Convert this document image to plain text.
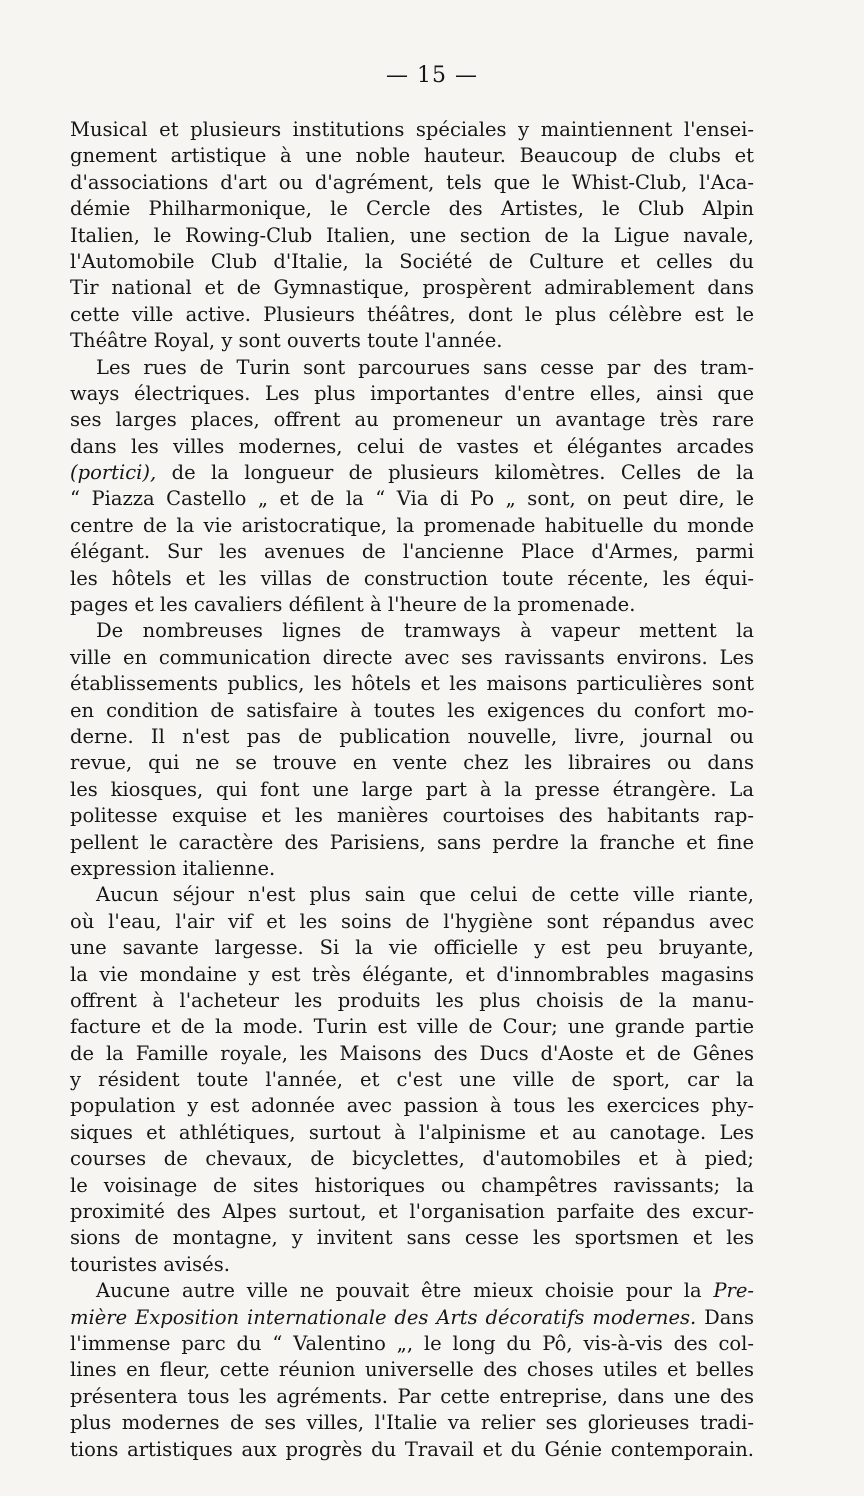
— 15 —
Musical et plusieurs institutions spéciales y maintiennent l'ensei-
gnement artistique à une noble hauteur. Beaucoup de clubs et
d'associations d'art ou d'agrément, tels que le Whist-Club, l'Aca-
démie Philharmonique, le Cercle des Artistes, le Club Alpin
Italien, le Rowing-Club Italien, une section de la Ligue navale,
l'Automobile Club d'Italie, la Société de Culture et celles du
Tir national et de Gymnastique, prospèrent admirablement dans
cette ville active. Plusieurs théâtres, dont le plus célèbre est le
Théâtre Royal, y sont ouverts toute l'année.
Les rues de Turin sont parcourues sans cesse par des tram-
ways électriques. Les plus importantes d'entre elles, ainsi que
ses larges places, offrent au promeneur un avantage très rare
dans les villes modernes, celui de vastes et élégantes arcades
(portici), de la longueur de plusieurs kilomètres. Celles de la
“ Piazza Castello „ et de la “ Via di Po „ sont, on peut dire, le
centre de la vie aristocratique, la promenade habituelle du monde
élégant. Sur les avenues de l'ancienne Place d'Armes, parmi
les hôtels et les villas de construction toute récente, les équi-
pages et les cavaliers défilent à l'heure de la promenade.
De nombreuses lignes de tramways à vapeur mettent la
ville en communication directe avec ses ravissants environs. Les
établissements publics, les hôtels et les maisons particulières sont
en condition de satisfaire à toutes les exigences du confort mo-
derne. Il n'est pas de publication nouvelle, livre, journal ou
revue, qui ne se trouve en vente chez les libraires ou dans
les kiosques, qui font une large part à la presse étrangère. La
politesse exquise et les manières courtoises des habitants rap-
pellent le caractère des Parisiens, sans perdre la franche et fine
expression italienne.
Aucun séjour n'est plus sain que celui de cette ville riante,
où l'eau, l'air vif et les soins de l'hygiène sont répandus avec
une savante largesse. Si la vie officielle y est peu bruyante,
la vie mondaine y est très élégante, et d'innombrables magasins
offrent à l'acheteur les produits les plus choisis de la manu-
facture et de la mode. Turin est ville de Cour; une grande partie
de la Famille royale, les Maisons des Ducs d'Aoste et de Gênes
y résident toute l'année, et c'est une ville de sport, car la
population y est adonnée avec passion à tous les exercices phy-
siques et athlétiques, surtout à l'alpinisme et au canotage. Les
courses de chevaux, de bicyclettes, d'automobiles et à pied;
le voisinage de sites historiques ou champêtres ravissants; la
proximité des Alpes surtout, et l'organisation parfaite des excur-
sions de montagne, y invitent sans cesse les sportsmen et les
touristes avisés.
Aucune autre ville ne pouvait être mieux choisie pour la Pre-
mière Exposition internationale des Arts décoratifs modernes. Dans
l'immense parc du “ Valentino „, le long du Pô, vis-à-vis des col-
lines en fleur, cette réunion universelle des choses utiles et belles
présentera tous les agréments. Par cette entreprise, dans une des
plus modernes de ses villes, l'Italie va relier ses glorieuses tradi-
tions artistiques aux progrès du Travail et du Génie contemporain.
